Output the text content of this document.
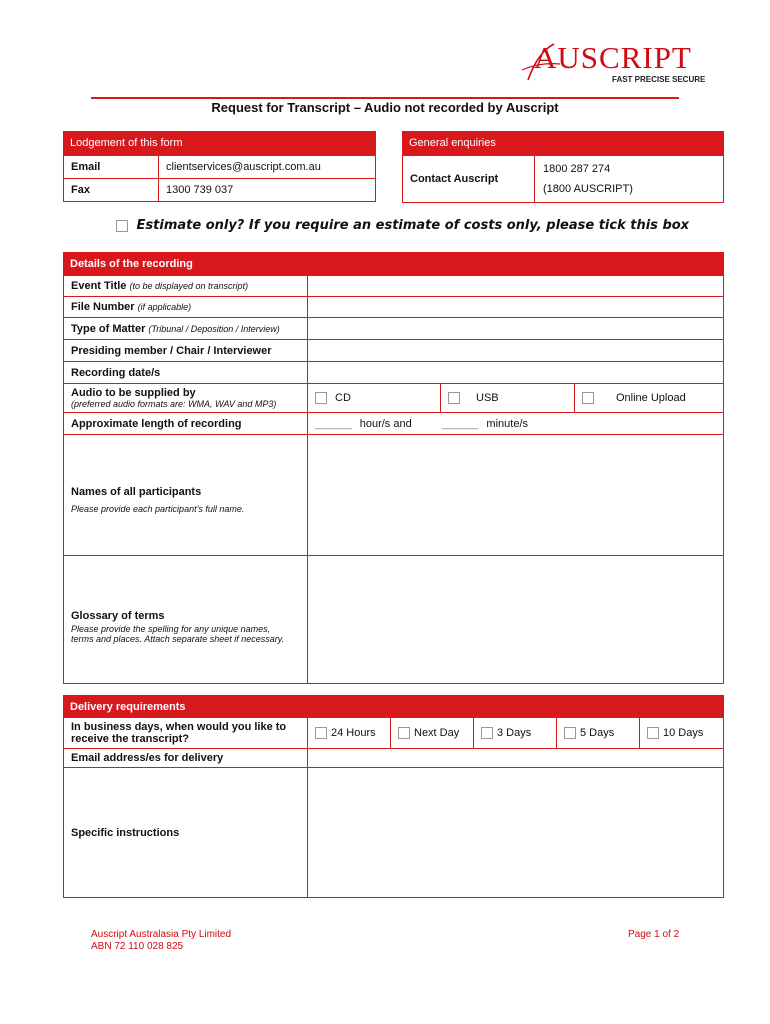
AUSCRIPT
FAST PRECISE SECURE
Request for Transcript – Audio not recorded by Auscript
Lodgement of this form
Email	clientservices@auscript.com.au
Fax	1300 739 037
General enquiries
Contact Auscript
1800 287 274
(1800 AUSCRIPT)
Estimate only? If you require an estimate of costs only, please tick this box
Details of the recording
Event Title
(to be displayed on transcript)
File Number
(if applicable)
Type of Matter
(Tribunal / Deposition / Interview)
Presiding member / Chair / Interviewer
Recording date/s
Audio to be supplied by
(preferred audio formats are: WMA, WAV and MP3)	CD	USB	Online Upload
Approximate length of recording	______ hour/s and	______ minute/s
Names of all participants
Please provide each participant’s full name.
Glossary of terms
Please provide the spelling for any unique names,
terms and places. Attach separate sheet if necessary.
Delivery requirements
In business days, when would you like to
receive the transcript?	24 Hours	Next Day	3 Days	5 Days	10 Days
Email address/es for delivery
Specific instructions
Auscript Australasia Pty Limited
ABN 72 110 028 825
Page 1 of 2
